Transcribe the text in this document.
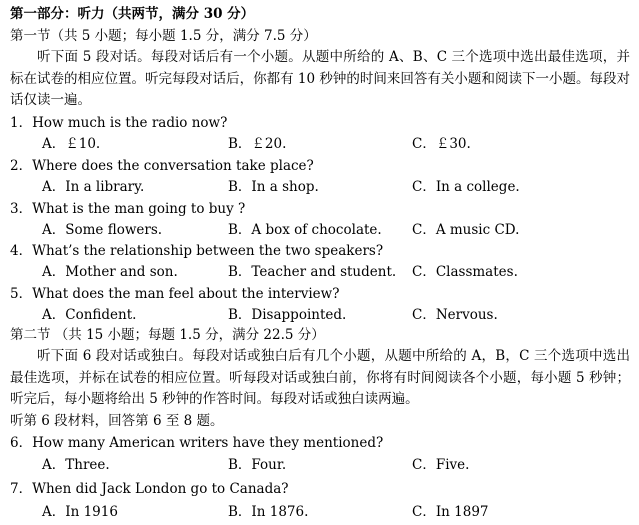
第一部分：听力（共两节，满分 30 分）
第一节（共 5 小题；每小题 1.5 分，满分 7.5 分）
听下面 5 段对话。每段对话后有一个小题。从题中所给的 A、B、C 三个选项中选出最佳选项，并标在试卷的相应位置。听完每段对话后，你都有 10 秒钟的时间来回答有关小题和阅读下一小题。每段对话仅读一遍。
1．How much is the radio now?
A．￡10.	B．￡20.	C．￡30.
2．Where does the conversation take place?
A．In a library.	B．In a shop.	C．In a college.
3．What is the man going to buy ?
A．Some flowers.	B．A box of chocolate. C．A music CD.
4．What’s the relationship between the two speakers?
A．Mother and son.	B．Teacher and student. C．Classmates.
5．What does the man feel about the interview?
A．Confident.	B．Disappointed.	C．Nervous.
第二节 （共 15 小题；每题 1.5 分，满分 22.5 分）
听下面 6 段对话或独白。每段对话或独白后有几个小题，从题中所给的 A，B，C 三个选项中选出最佳选项，并标在试卷的相应位置。听每段对话或独白前，你将有时间阅读各个小题，每小题 5 秒钟；听完后，每小题将给出 5 秒钟的作答时间。每段对话或独白读两遍。
听第 6 段材料，回答第 6 至 8 题。
6．How many American writers have they mentioned?
A．Three.	B．Four.	C．Five.
7．When did Jack London go to Canada?
A．In 1916	B．In 1876.	C．In 1897
